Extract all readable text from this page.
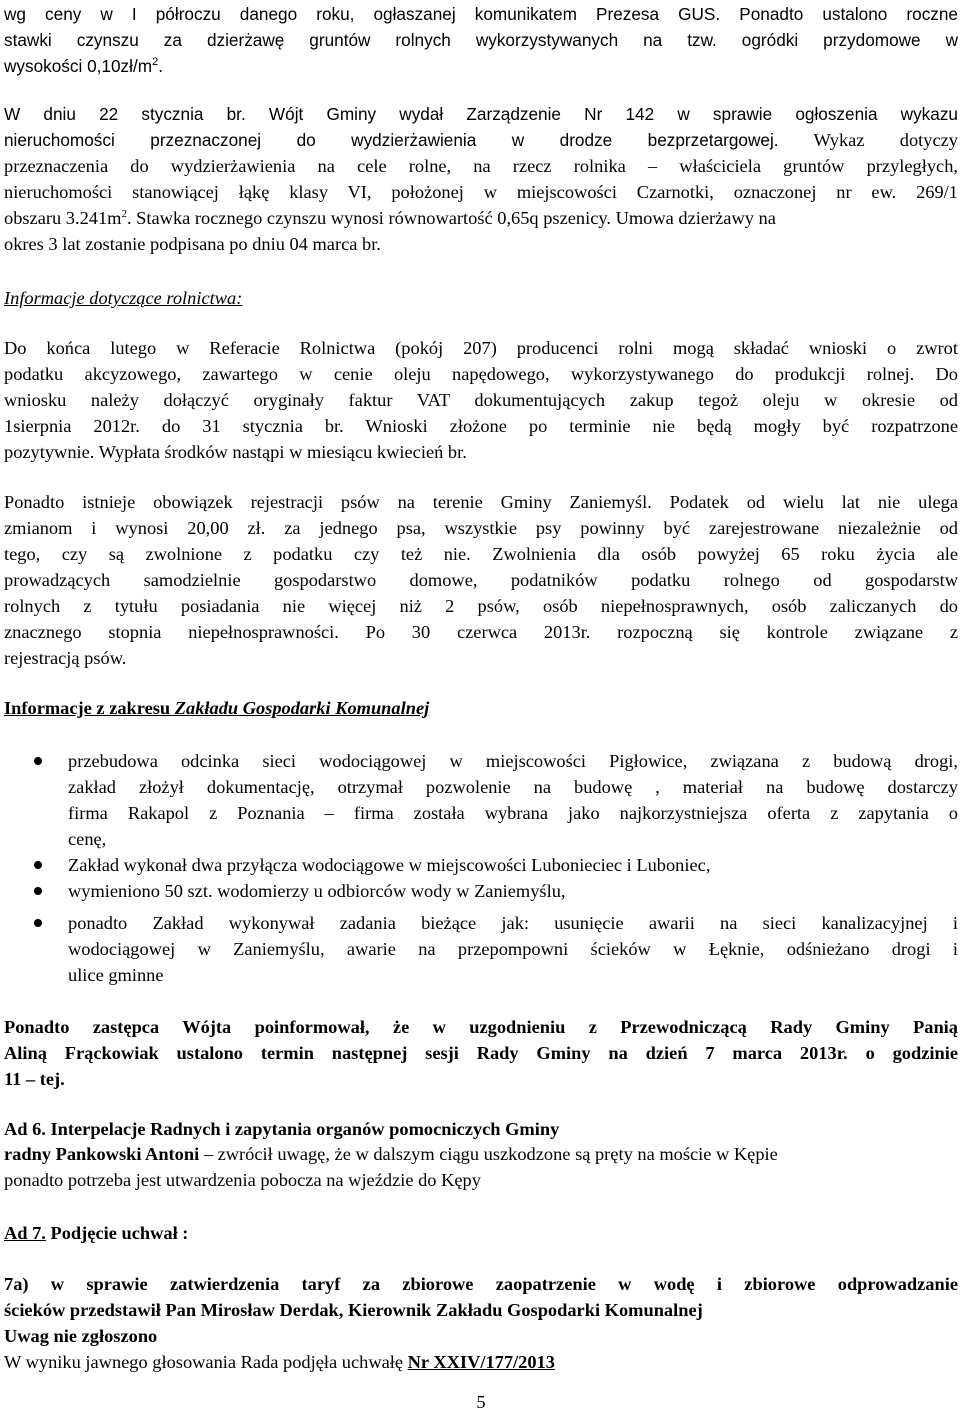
wg ceny w I półroczu danego roku, ogłaszanej komunikatem Prezesa GUS. Ponadto ustalono roczne
stawki czynszu za dzierżawę gruntów rolnych wykorzystywanych na tzw. ogródki przydomowe w
wysokości $0,10zł/m^2$.
W dniu 22 stycznia br. Wójt Gminy wydał Zarządzenie Nr 142 w sprawie ogłoszenia wykazu
nieruchomości przeznaczonej do wydzierżawienia w drodze bezprzetargowej. Wykaz dotyczy
przeznaczenia do wydzierżawienia na cele rolne, na rzecz rolnika – właściciela gruntów przyległych,
nieruchomości stanowiącej łąkę klasy VI, położonej w miejscowości Czarnotki, oznaczonej nr ew. 269/1
obszaru $3.241m^2$. Stawka rocznego czynszu wynosi równowartość 0,65q pszenicy. Umowa dzierżawy na
okres 3 lat zostanie podpisana po dniu 04 marca br.
Informacje dotyczące rolnictwa:
Do końca lutego w Referacie Rolnictwa (pokój 207) producenci rolni mogą składać wnioski o zwrot
podatku akcyzowego, zawartego w cenie oleju napędowego, wykorzystywanego do produkcji rolnej. Do
wniosku należy dołączyć oryginały faktur VAT dokumentujących zakup tegoż oleju w okresie od
1sierpnia 2012r. do 31 stycznia br. Wnioski złożone po terminie nie będą mogły być rozpatrzone
pozytywnie. Wypłata środków nastąpi w miesiącu kwiecień br.
Ponadto istnieje obowiązek rejestracji psów na terenie Gminy Zaniemyśl. Podatek od wielu lat nie ulega
zmianom i wynosi 20,00 zł. za jednego psa, wszystkie psy powinny być zarejestrowane niezależnie od
tego, czy są zwolnione z podatku czy też nie. Zwolnienia dla osób powyżej 65 roku życia ale
prowadzących samodzielnie gospodarstwo domowe, podatników podatku rolnego od gospodarstw
rolnych z tytułu posiadania nie więcej niż 2 psów, osób niepełnosprawnych, osób zaliczanych do
znacznego stopnia niepełnosprawności. Po 30 czerwca 2013r. rozpoczną się kontrole związane z
rejestracją psów.
Informacje z zakresu Zakładu Gospodarki Komunalnej
przebudowa odcinka sieci wodociągowej w miejscowości Pigłowice, związana z budową drogi,
zakład złożył dokumentację, otrzymał pozwolenie na budowę , materiał na budowę dostarczy
firma Rakapol z Poznania – firma została wybrana jako najkorzystniejsza oferta z zapytania o
cenę,
Zakład wykonał dwa przyłącza wodociągowe w miejscowości Lubonieciec i Luboniec,
wymieniono 50 szt. wodomierzy u odbiorców wody w Zaniemyślu,
ponadto Zakład wykonywał zadania bieżące jak: usunięcie awarii na sieci kanalizacyjnej i
wodociągowej w Zaniemyślu, awarie na przepompowni ścieków w Łęknie, odśnieżano drogi i
ulice gminne
Ponadto zastępca Wójta poinformował, że w uzgodnieniu z Przewodniczącą Rady Gminy Panią
Aliną Frąckowiak ustalono termin następnej sesji Rady Gminy na dzień 7 marca 2013r. o godzinie
11 – tej.
Ad 6. Interpelacje Radnych i zapytania organów pomocniczych Gminy
radny Pankowski Antoni – zwrócił uwagę, że w dalszym ciągu uszkodzone są pręty na moście w Kępie
ponadto potrzeba jest utwardzenia pobocza na wjeździe do Kępy
Ad 7. Podjęcie uchwał :
7a) w sprawie zatwierdzenia taryf za zbiorowe zaopatrzenie w wodę i zbiorowe odprowadzanie
ścieków przedstawił Pan Mirosław Derdak, Kierownik Zakładu Gospodarki Komunalnej
Uwag nie zgłoszono
W wyniku jawnego głosowania Rada podjęła uchwałę Nr XXIV/177/2013
5
